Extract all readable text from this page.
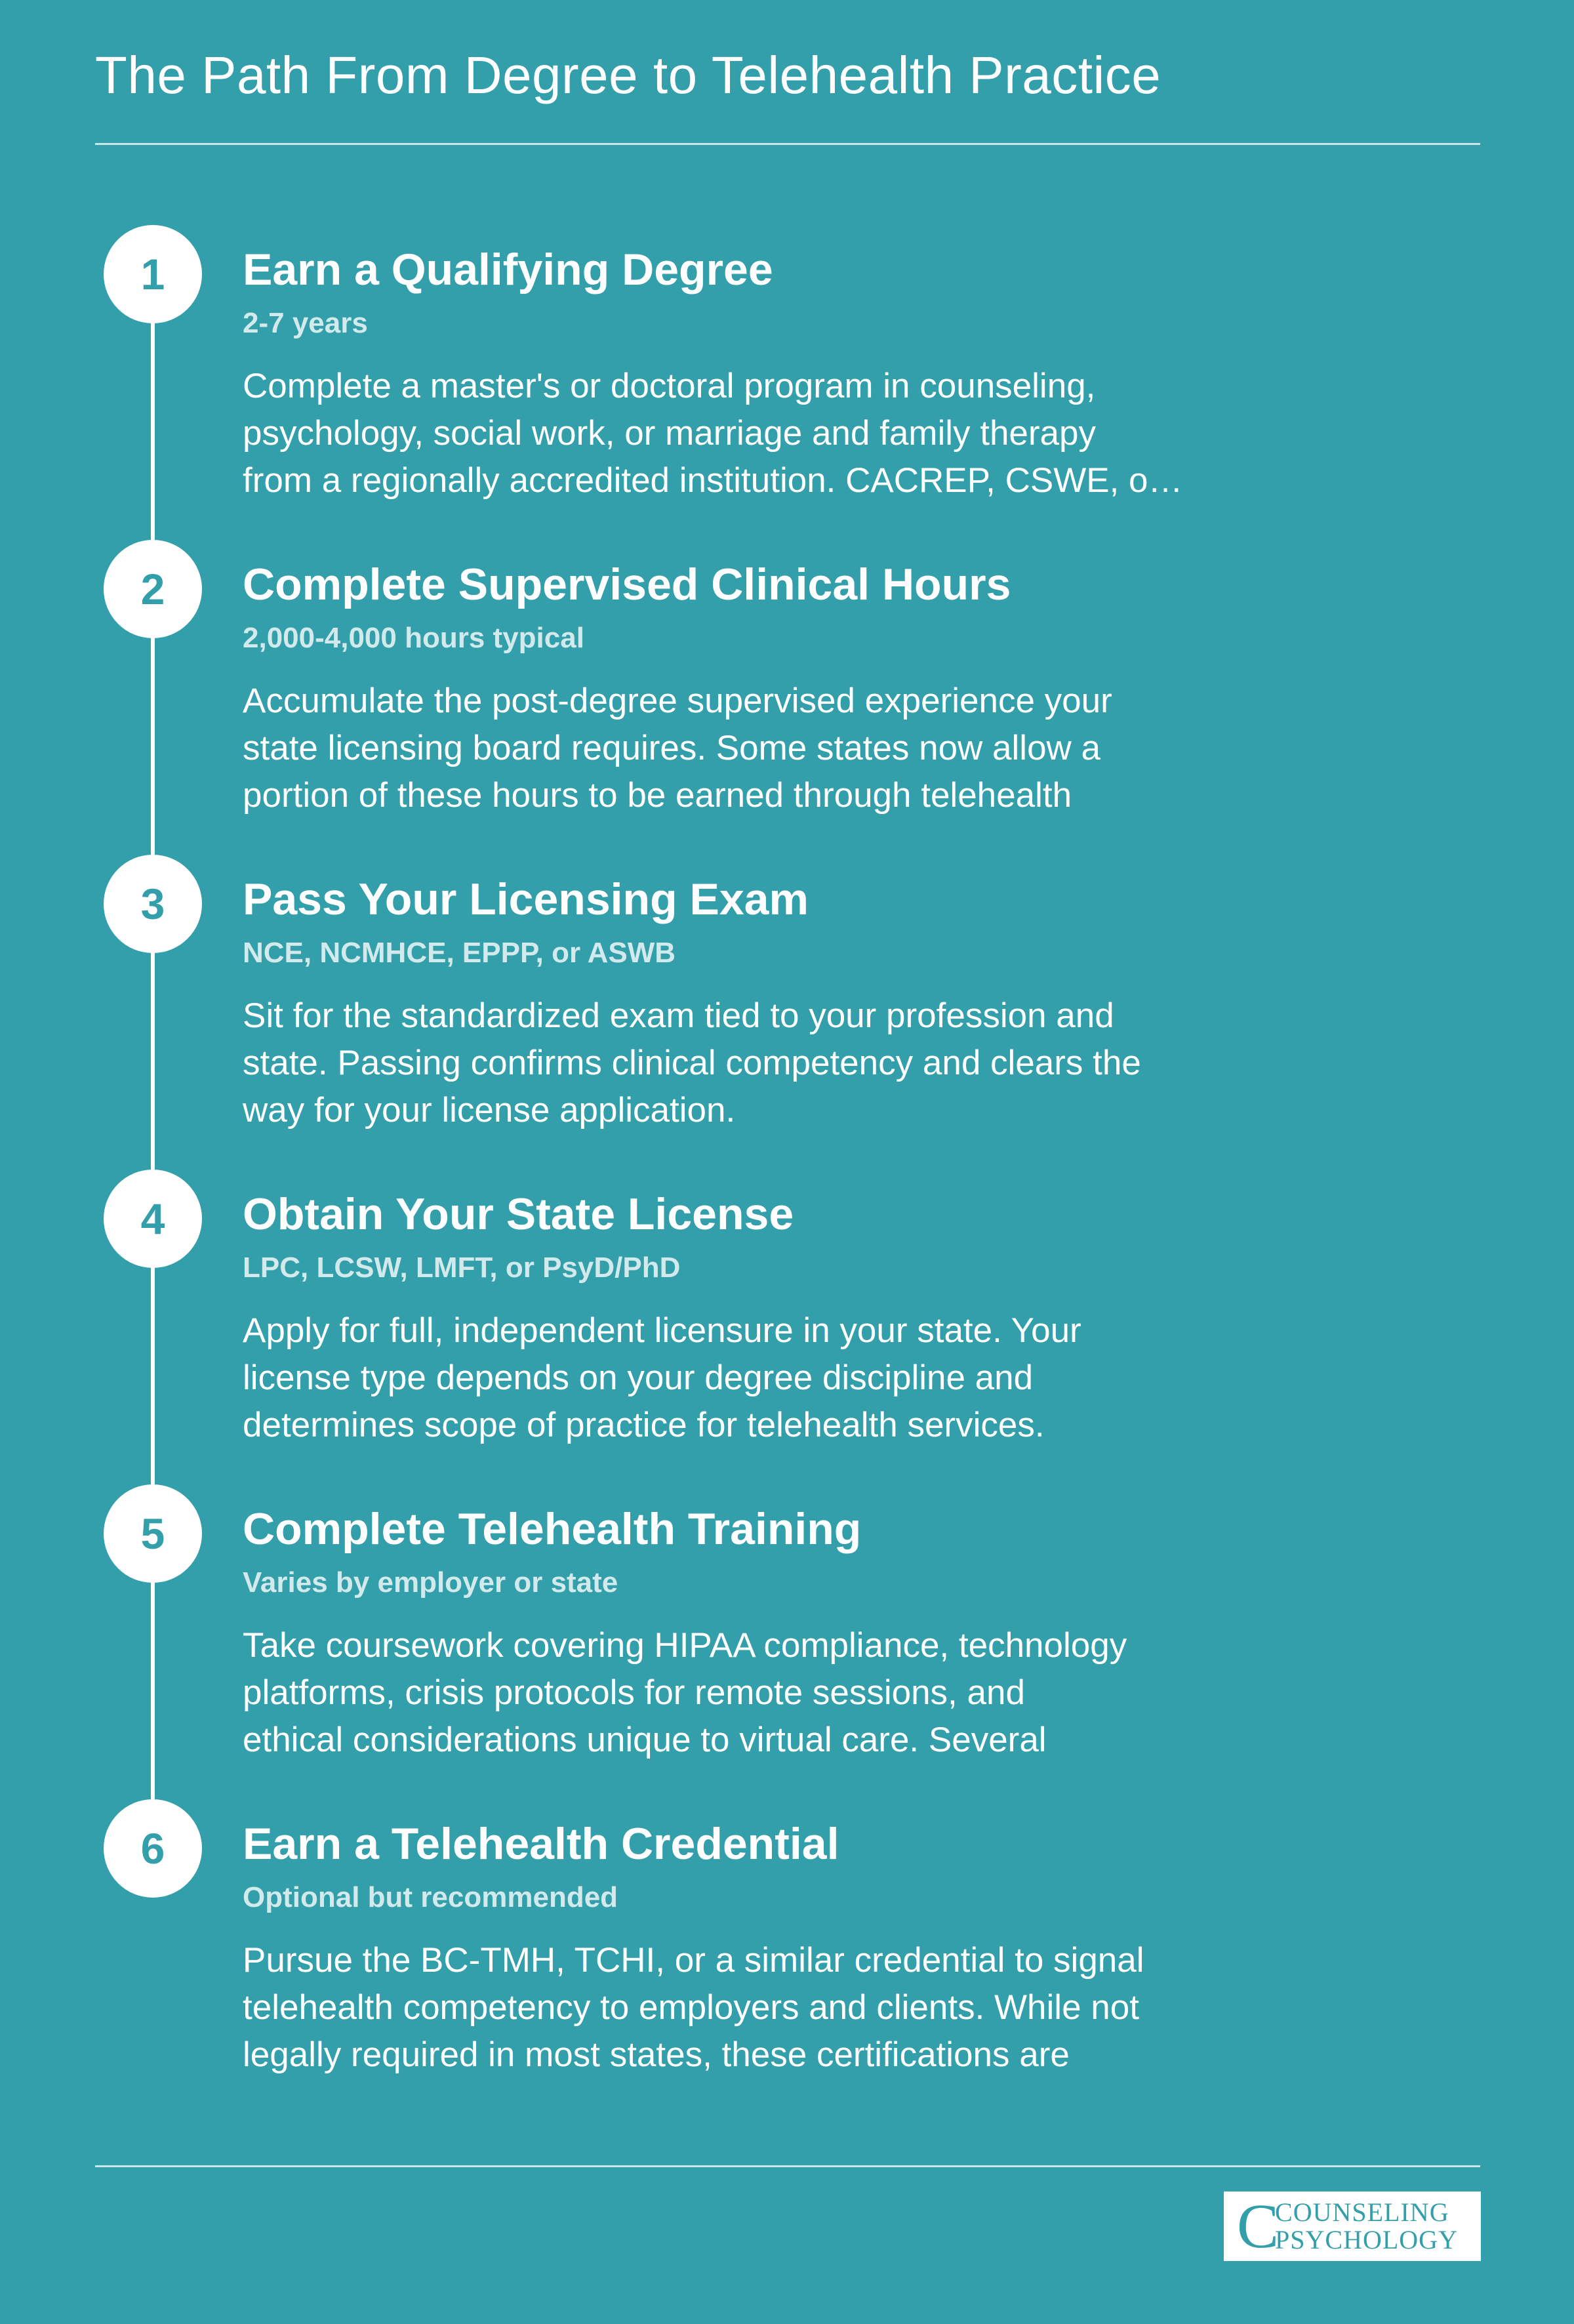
The Path From Degree to Telehealth Practice
1	Earn a Qualifying Degree
2-7 years

Complete a master's or doctoral program in counseling,
psychology, social work, or marriage and family therapy
from a regionally accredited institution. CACREP, CSWE, o…

2	Complete Supervised Clinical Hours
2,000-4,000 hours typical

Accumulate the post-degree supervised experience your
state licensing board requires. Some states now allow a
portion of these hours to be earned through telehealth

3	Pass Your Licensing Exam
NCE, NCMHCE, EPPP, or ASWB

Sit for the standardized exam tied to your profession and
state. Passing confirms clinical competency and clears the
way for your license application.

4	Obtain Your State License
LPC, LCSW, LMFT, or PsyD/PhD

Apply for full, independent licensure in your state. Your
license type depends on your degree discipline and
determines scope of practice for telehealth services.

5	Complete Telehealth Training
Varies by employer or state

Take coursework covering HIPAA compliance, technology
platforms, crisis protocols for remote sessions, and
ethical considerations unique to virtual care. Several

6	Earn a Telehealth Credential
Optional but recommended

Pursue the BC-TMH, TCHI, or a similar credential to signal
telehealth competency to employers and clients. While not
legally required in most states, these certifications are

C
COUNSELING
PSYCHOLOGY
